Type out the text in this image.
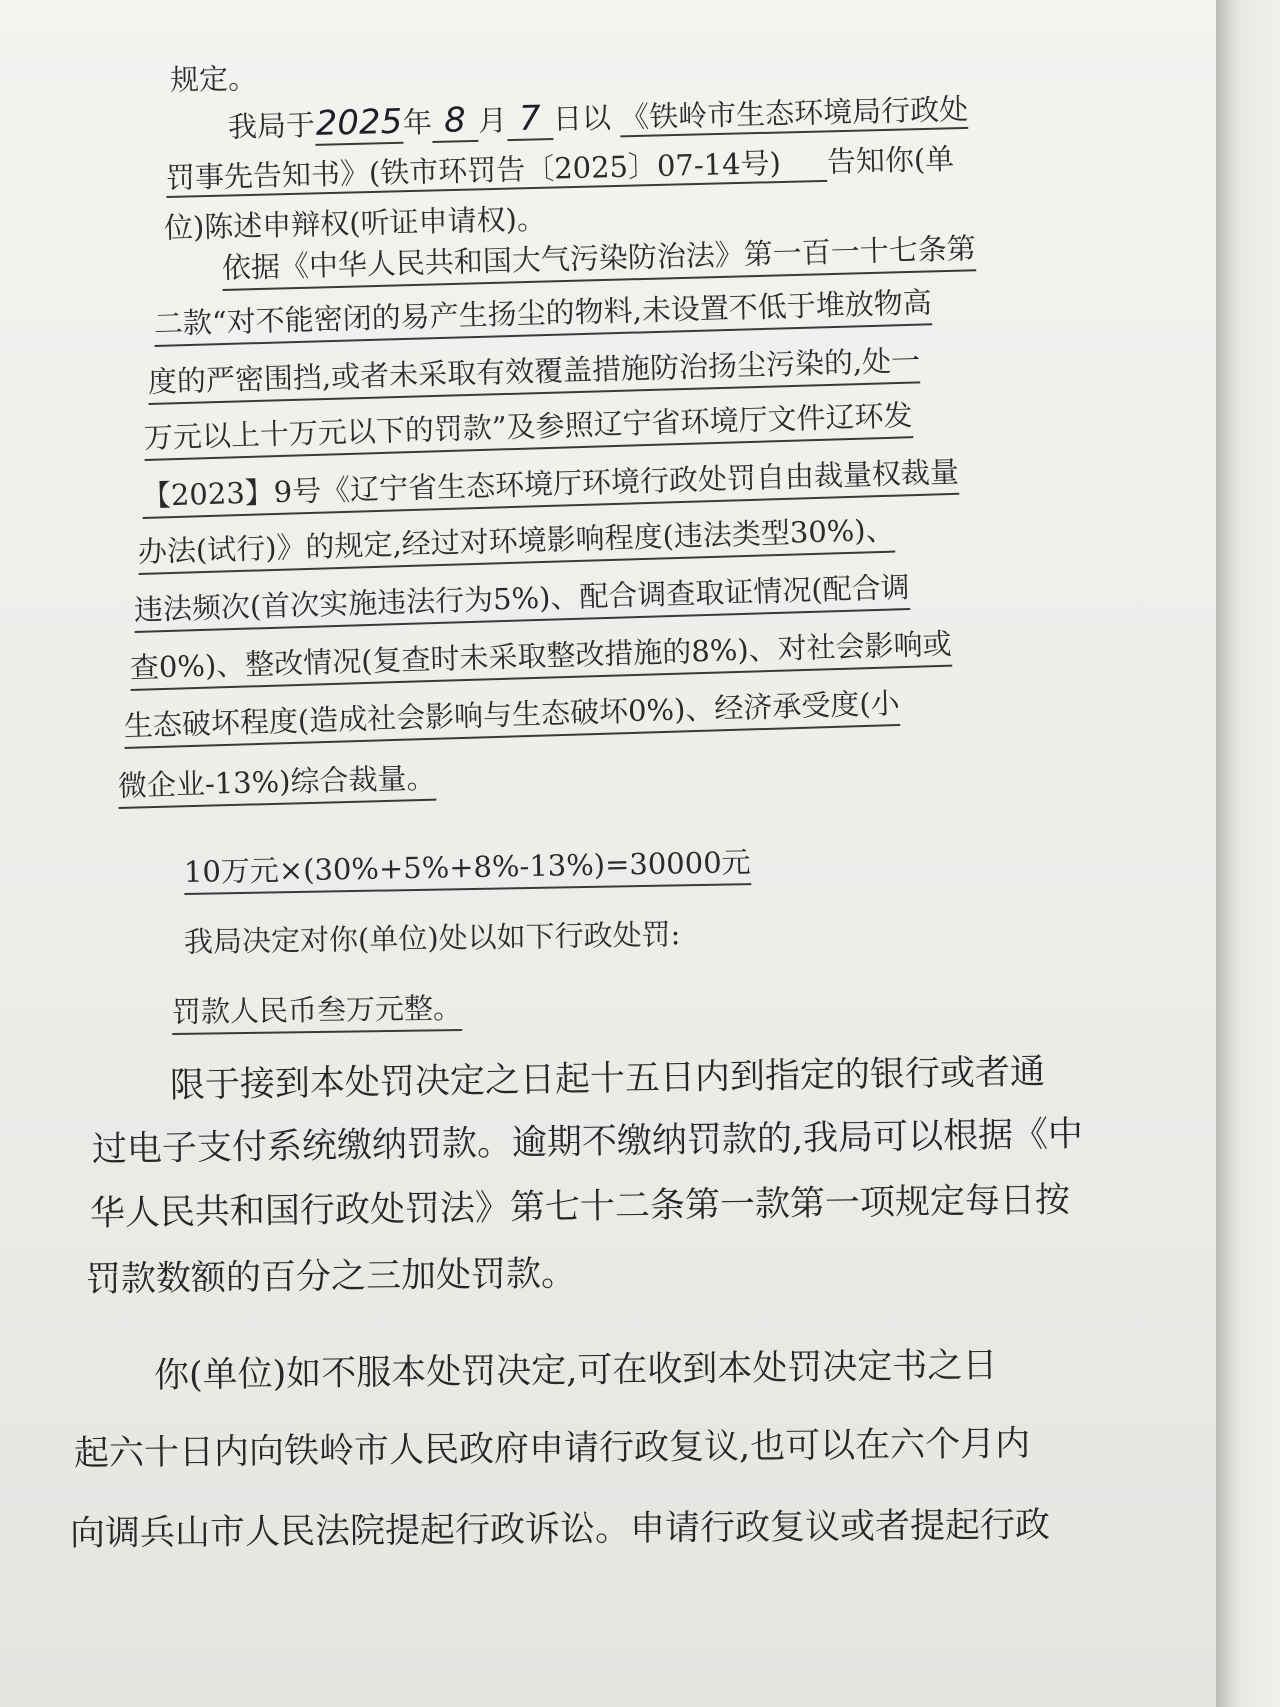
规定。

我局于2025年 8 月 7 日以 《铁岭市生态环境局行政处

罚事先告知书》(铁市环罚告〔2025〕07-14号) 告知你(单

位)陈述申辩权(听证申请权)。

依据《中华人民共和国大气污染防治法》第一百一十七条第

二款“对不能密闭的易产生扬尘的物料,未设置不低于堆放物高

度的严密围挡,或者未采取有效覆盖措施防治扬尘污染的,处一

万元以上十万元以下的罚款”及参照辽宁省环境厅文件辽环发

【2023】9号《辽宁省生态环境厅环境行政处罚自由裁量权裁量

办法(试行)》的规定,经过对环境影响程度(违法类型30%)、

违法频次(首次实施违法行为5%)、配合调查取证情况(配合调

查0%)、整改情况(复查时未采取整改措施的8%)、对社会影响或

生态破坏程度(造成社会影响与生态破坏0%)、经济承受度(小

微企业-13%)综合裁量。

10万元×(30%+5%+8%-13%)=30000元

我局决定对你(单位)处以如下行政处罚:

罚款人民币叁万元整。

限于接到本处罚决定之日起十五日内到指定的银行或者通

过电子支付系统缴纳罚款。逾期不缴纳罚款的,我局可以根据《中

华人民共和国行政处罚法》第七十二条第一款第一项规定每日按

罚款数额的百分之三加处罚款。

你(单位)如不服本处罚决定,可在收到本处罚决定书之日

起六十日内向铁岭市人民政府申请行政复议,也可以在六个月内

向调兵山市人民法院提起行政诉讼。申请行政复议或者提起行政
